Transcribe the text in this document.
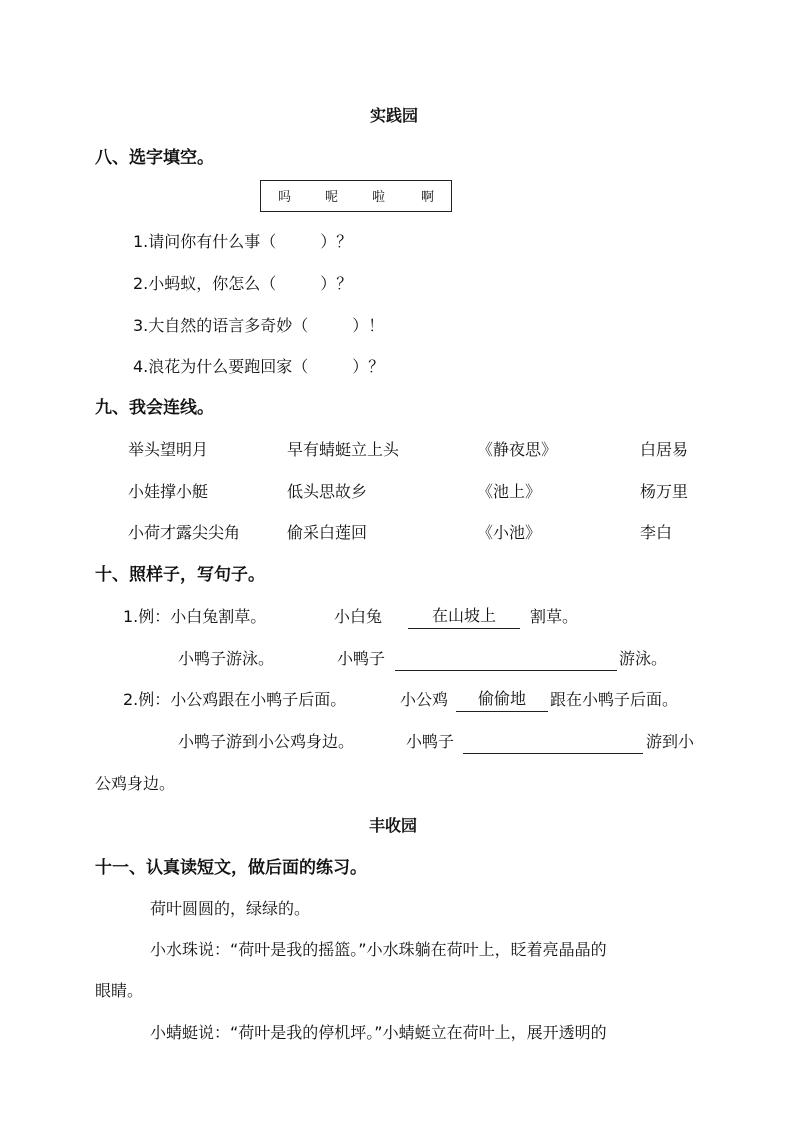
实践园
八、选字填空。
吗	呢	啦	啊
1.请问你有什么事（	）？
2.小蚂蚁，你怎么（	）？
3.大自然的语言多奇妙（	）！
4.浪花为什么要跑回家（	）？
九、我会连线。
举头望明月	早有蜻蜓立上头	《静夜思》	白居易
小娃撑小艇	低头思故乡	《池上》	杨万里
小荷才露尖尖角	偷采白莲回	《小池》	李白
十、照样子，写句子。
1.例：小白兔割草。	小白兔	在山坡上	割草。
小鸭子游泳。	小鸭子	游泳。
2.例：小公鸡跟在小鸭子后面。	小公鸡	偷偷地	跟在小鸭子后面。
小鸭子游到小公鸡身边。	小鸭子	游到小
公鸡身边。
丰收园
十一、认真读短文，做后面的练习。
荷叶圆圆的，绿绿的。
小水珠说：“荷叶是我的摇篮。”小水珠躺在荷叶上，眨着亮晶晶的
眼睛。
小蜻蜓说：“荷叶是我的停机坪。”小蜻蜓立在荷叶上，展开透明的
